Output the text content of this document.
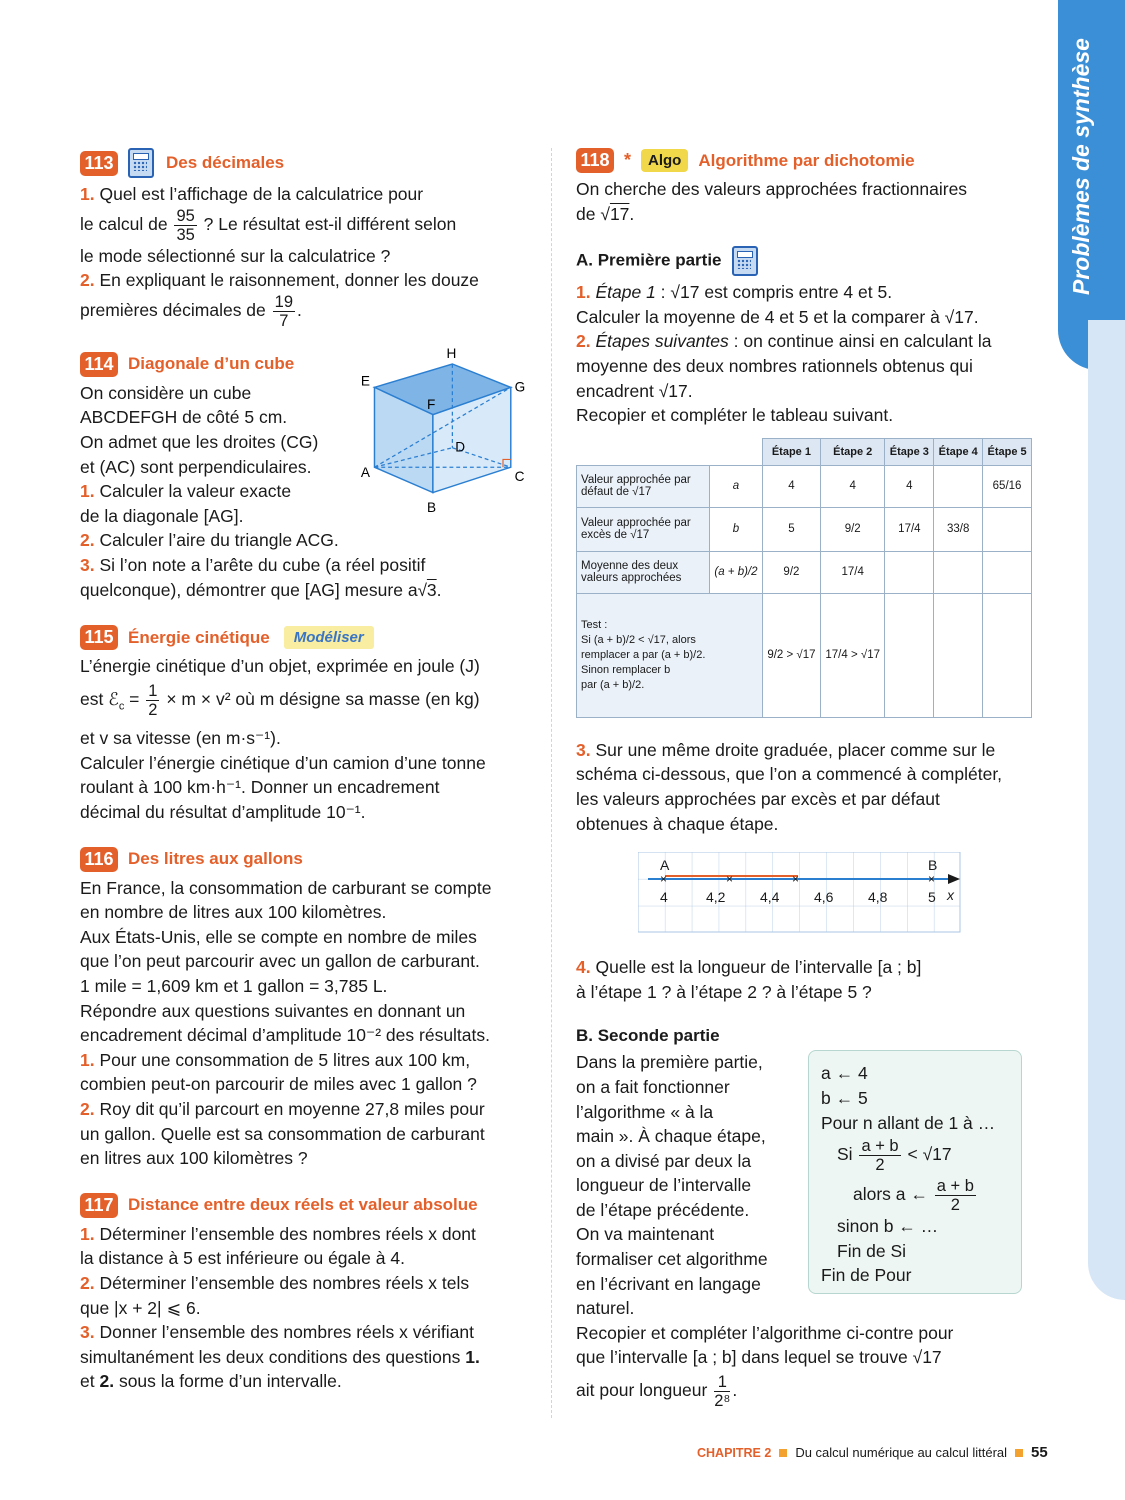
Problèmes de synthèse
113	Des décimales

1. Quel est l’affichage de la calculatrice pour

le calcul de $\frac{95}{35}$ ? Le résultat est-il différent selon

le mode sélectionné sur la calculatrice ?

2. En expliquant le raisonnement, donner les douze

premières décimales de $\frac{19}{7}$ .

114 Diagonale d’un cube

On considère un cube

ABCDEFGH de côté 5 cm.

On admet que les droites (CG)

et (AC) sont perpendiculaires.

1. Calculer la valeur exacte

de la diagonale [AG].

2. Calculer l’aire du triangle ACG.

3. Si l’on note a l’arête du cube (a réel positif

quelconque), démontrer que [AG] mesure a√3.

H
E
F
G
D
A	C
B
115 Énergie cinétique	Modéliser

L’énergie cinétique d’un objet, exprimée en joule (J)

est ℰ$_c$ = $\frac{1}{2} \times m \times v^2$ où m désigne sa masse (en kg)

et v sa vitesse (en m·s⁻¹).

Calculer l’énergie cinétique d’un camion d’une tonne

roulant à 100 km·h⁻¹. Donner un encadrement

décimal du résultat d’amplitude 10⁻¹.

116 Des litres aux gallons

En France, la consommation de carburant se compte

en nombre de litres aux 100 kilomètres.

Aux États-Unis, elle se compte en nombre de miles

que l’on peut parcourir avec un gallon de carburant.

1 mile = 1,609 km et 1 gallon = 3,785 L.

Répondre aux questions suivantes en donnant un

encadrement décimal d’amplitude 10⁻² des résultats.

1. Pour une consommation de 5 litres aux 100 km,

combien peut-on parcourir de miles avec 1 gallon ?

2. Roy dit qu’il parcourt en moyenne 27,8 miles pour

un gallon. Quelle est sa consommation de carburant

en litres aux 100 kilomètres ?

117 Distance entre deux réels et valeur absolue

1. Déterminer l’ensemble des nombres réels x dont

la distance à 5 est inférieure ou égale à 4.

2. Déterminer l’ensemble des nombres réels x tels

que |x + 2| ⩽ 6.

3. Donner l’ensemble des nombres réels x vérifiant

simultanément les deux conditions des questions 1.

et 2. sous la forme d’un intervalle.

118 *	Algo	Algorithme par dichotomie

On cherche des valeurs approchées fractionnaires

de √17.

A. Première partie

1. Étape 1 : √17 est compris entre 4 et 5.

Calculer la moyenne de 4 et 5 et la comparer à √17.

2. Étapes suivantes : on continue ainsi en calculant la

moyenne des deux nombres rationnels obtenus qui

encadrent √17.

Recopier et compléter le tableau suivant.

		Étape 1	Étape 2	Étape 3	Étape 4	Étape 5
Valeur approchée par défaut de √17	a	4	4	4		65/16
Valeur approchée par excès de √17	b	5	9/2	17/4	33/8	
Moyenne des deux valeurs approchées	(a + b)/2	9/2	17/4			

Test :
Si (a + b)/2 < √17, alors
remplacer a par (a + b)/2.
Sinon remplacer b
par (a + b)/2.		9/2 > √17	17/4 > √17			

3. Sur une même droite graduée, placer comme sur le

schéma ci-dessous, que l’on a commencé à compléter,

les valeurs approchées par excès et par défaut

obtenues à chaque étape.

A	B
4	4,2 4,4 4,6 4,8	5 x
×	×	×	×

4. Quelle est la longueur de l’intervalle [a ; b]

à l’étape 1 ? à l’étape 2 ? à l’étape 5 ?

B. Seconde partie

Dans la première partie,

on a fait fonctionner

l’algorithme « à la

main ». À chaque étape,

on a divisé par deux la

longueur de l’intervalle

de l’étape précédente.

On va maintenant

formaliser cet algorithme

en l’écrivant en langage

naturel.

a ← 4

b ← 5

Pour n allant de 1 à …

Si $\frac{a + b}{2} < √17$

alors a ← $\frac{a + b}{2}$

sinon b ← …

Fin de Si

Fin de Pour

Recopier et compléter l’algorithme ci-contre pour

que l’intervalle [a ; b] dans lequel se trouve √17

ait pour longueur $\frac{1}{\text{2⁸}}$ .

CHAPITRE 2 Du calcul numérique au calcul littéral 55
